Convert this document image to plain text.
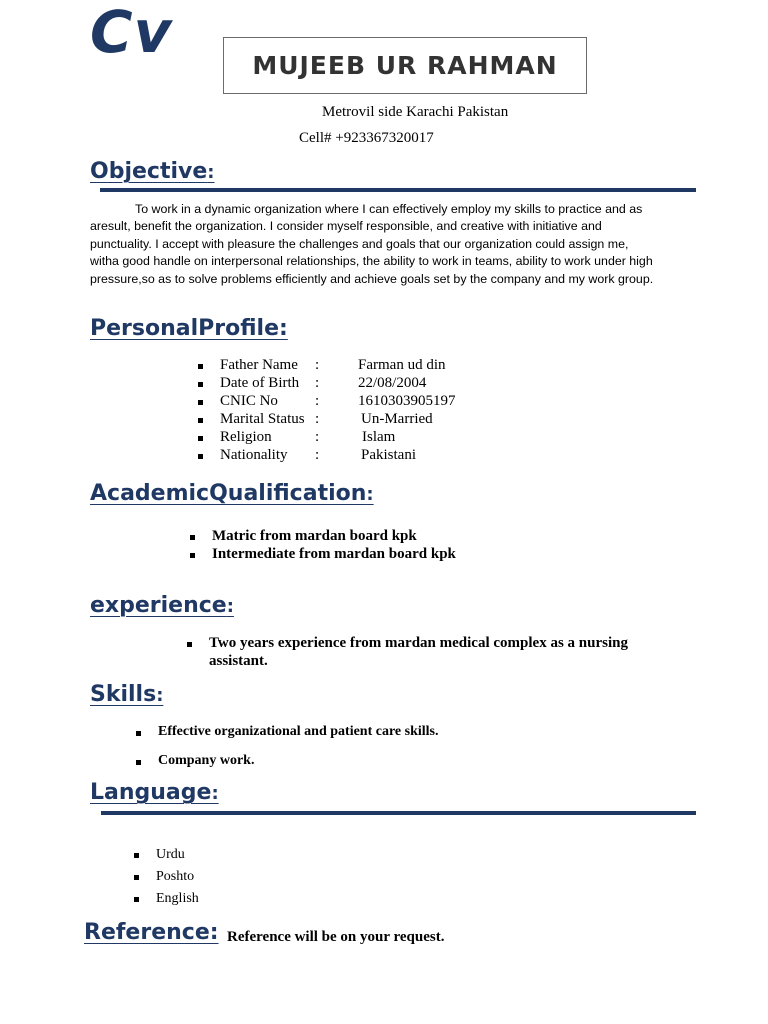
Cv	MUJEEB UR RAHMAN
Metrovil side Karachi Pakistan
Cell# +923367320017
Objective:
To work in a dynamic organization where I can effectively employ my skills to practice and as aresult, benefit the organization. I consider myself responsible, and creative with initiative and punctuality. I accept with pleasure the challenges and goals that our organization could assign me, witha good handle on interpersonal relationships, the ability to work in teams, ability to work under high pressure,so as to solve problems efficiently and achieve goals set by the company and my work group.
PersonalProfile:
Father Name :	Farman ud din
Date of Birth :	22/08/2004
CNIC No :	1610303905197
Marital Status :	Un-Married
Religion	:	Islam
Nationality :	Pakistani
AcademicQualification:
Matric from mardan board kpk
Intermediate from mardan board kpk
experience:
Two years experience from mardan medical complex as a nursing
assistant.
Skills:
Effective organizational and patient care skills.
Company work.
Language:
Urdu
Poshto
English
Reference: Reference will be on your request.
